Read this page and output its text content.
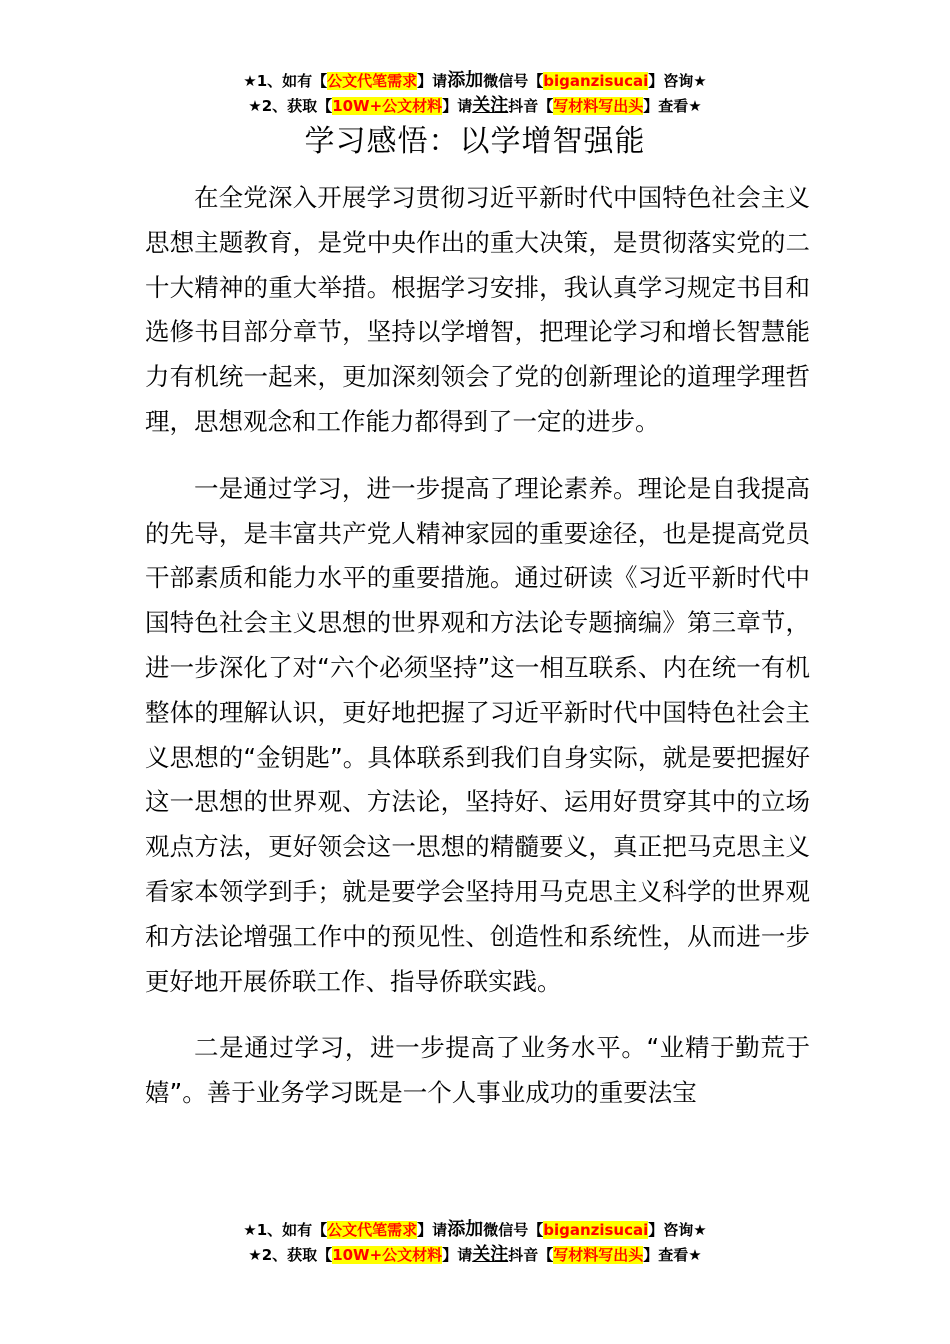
★1、如有【公文代笔需求】请添加微信号【biganzisucai】咨询★
★2、获取【10W+公文材料】请关注抖音【写材料写出头】查看★
学习感悟：以学增智强能

在全党深入开展学习贯彻习近平新时代中国特色社会主义思想主题教育，是党中央作出的重大决策，是贯彻落实党的二十大精神的重大举措。根据学习安排，我认真学习规定书目和选修书目部分章节，坚持以学增智，把理论学习和增长智慧能力有机统一起来，更加深刻领会了党的创新理论的道理学理哲理，思想观念和工作能力都得到了一定的进步。

一是通过学习，进一步提高了理论素养。理论是自我提高的先导，是丰富共产党人精神家园的重要途径，也是提高党员干部素质和能力水平的重要措施。通过研读《习近平新时代中国特色社会主义思想的世界观和方法论专题摘编》第三章节，进一步深化了对“六个必须坚持”这一相互联系、内在统一有机整体的理解认识，更好地把握了习近平新时代中国特色社会主义思想的“金钥匙”。具体联系到我们自身实际，就是要把握好这一思想的世界观、方法论，坚持好、运用好贯穿其中的立场观点方法，更好领会这一思想的精髓要义，真正把马克思主义看家本领学到手；就是要学会坚持用马克思主义科学的世界观和方法论增强工作中的预见性、创造性和系统性，从而进一步更好地开展侨联工作、指导侨联实践。

二是通过学习，进一步提高了业务水平。“业精于勤荒于嬉”。善于业务学习既是一个人事业成功的重要法宝

★1、如有【公文代笔需求】请添加微信号【biganzisucai】咨询★
★2、获取【10W+公文材料】请关注抖音【写材料写出头】查看★
